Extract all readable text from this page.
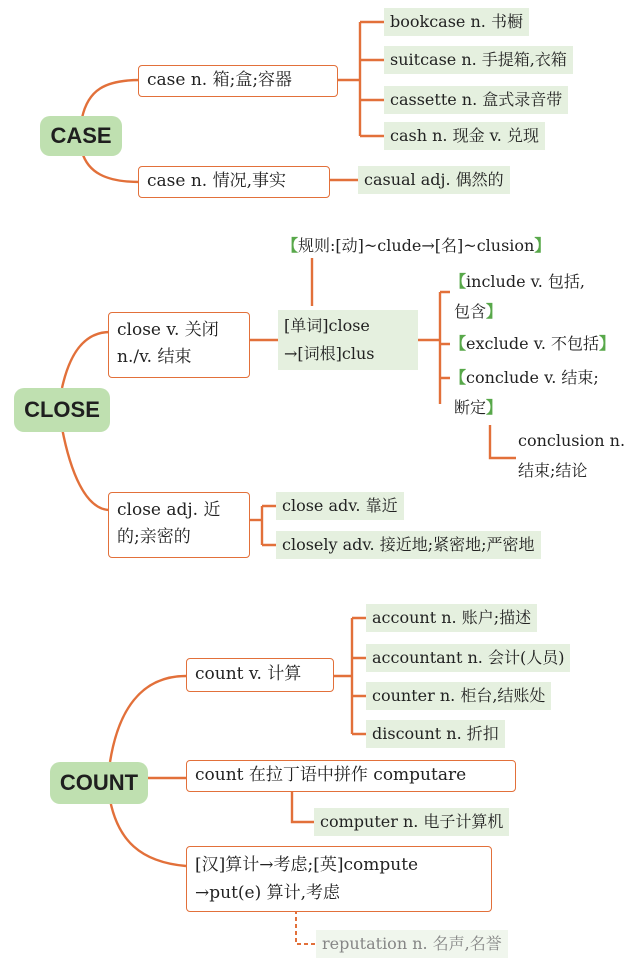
CASE
case n. 箱;盒;容器
bookcase n. 书橱
suitcase n. 手提箱,衣箱
cassette n. 盒式录音带
cash n. 现金 v. 兑现
case n. 情况,事实	casual adj. 偶然的
CLOSE
close v. 关闭
n./v. 结束
【规则:[动]~clude→[名]~clusion】
[单词]close
→[词根]clus
【include v. 包括,
包含】
【exclude v. 不包括】
【conclude v. 结束;
断定】
conclusion n.
结束;结论
close adj. 近
的;亲密的
close adv. 靠近
closely adv. 接近地;紧密地;严密地
COUNT
count v. 计算
account n. 账户;描述
accountant n. 会计(人员)
counter n. 柜台,结账处
discount n. 折扣
count 在拉丁语中拼作 computare
computer n. 电子计算机
[汉]算计→考虑;[英]compute
→put(e) 算计,考虑
reputation n. 名声,名誉
